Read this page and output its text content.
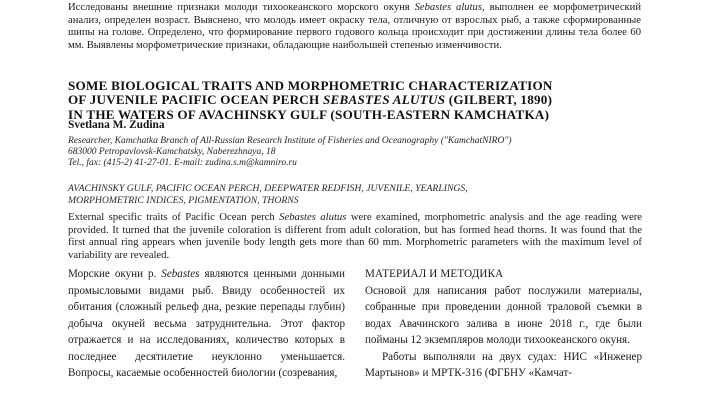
Исследованы внешние признаки молоди тихоокеанского морского окуня Sebastes alutus, выполнен ее морфометрический анализ, определен возраст. Выяснено, что молодь имеет окраску тела, отличную от взрослых рыб, а также сформированные шипы на голове. Определено, что формирование первого годового кольца происходит при достижении длины тела более 60 мм. Выявлены морфометрические признаки, обладающие наибольшей степенью изменчивости.
SOME BIOLOGICAL TRAITS AND MORPHOMETRIC CHARACTERIZATION
OF JUVENILE PACIFIC OCEAN PERCH SEBASTES ALUTUS (GILBERT, 1890)
IN THE WATERS OF AVACHINSKY GULF (SOUTH-EASTERN KAMCHATKA)
Svetlana M. Zudina
Researcher, Kamchatka Branch of All-Russian Research Institute of Fisheries and Oceanography ("KamchatNIRO")
683000 Petropavlovsk-Kamchatsky, Naberezhnaya, 18
Tel., fax: (415-2) 41-27-01. E-mail: zudina.s.m@kamniro.ru
AVACHINSKY GULF, PACIFIC OCEAN PERCH, DEEPWATER REDFISH, JUVENILE, YEARLINGS,
MORPHOMETRIC INDICES, PIGMENTATION, THORNS
External specific traits of Pacific Ocean perch Sebastes alutus were examined, morphometric analysis and the age reading were provided. It turned that the juvenile coloration is different from adult coloration, but has formed head thorns. It was found that the first annual ring appears when juvenile body length gets more than 60 mm. Morphometric parameters with the maximum level of variability are revealed.

Морские окуни р. Sebastes являются ценными донными промысловыми видами рыб. Ввиду особенностей их обитания (сложный рельеф дна, резкие перепады глубин) добыча окуней весьма затруднительна. Этот фактор отражается и на исследованиях, количество которых в последнее десятилетие неуклонно уменьшается. Вопросы, касаемые особенностей биологии (созревания,

МАТЕРИАЛ И МЕТОДИКА

Основой для написания работ послужили материалы, собранные при проведении донной траловой съемки в водах Авачинского залива в июне 2018 г., где были пойманы 12 экземпляров молоди тихоокеанского окуня.

Работы выполняли на двух судах: НИС «Инженер Мартынов» и МРТК-316 (ФГБНУ «Камчат-
